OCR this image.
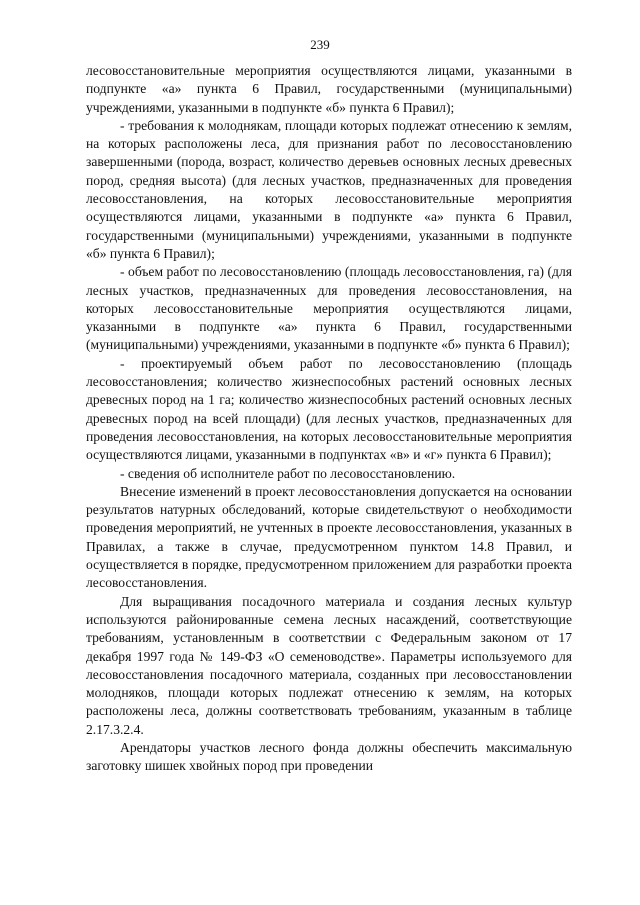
239

лесовосстановительные мероприятия осуществляются лицами, указанными в подпункте «а» пункта 6 Правил, государственными (муниципальными) учреждениями, указанными в подпункте «б» пункта 6 Правил);

- требования к молоднякам, площади которых подлежат отнесению к землям, на которых расположены леса, для признания работ по лесовосстановлению завершенными (порода, возраст, количество деревьев основных лесных древесных пород, средняя высота) (для лесных участков, предназначенных для проведения лесовосстановления, на которых лесовосстановительные мероприятия осуществляются лицами, указанными в подпункте «а» пункта 6 Правил, государственными (муниципальными) учреждениями, указанными в подпункте «б» пункта 6 Правил);

- объем работ по лесовосстановлению (площадь лесовосстановления, га) (для лесных участков, предназначенных для проведения лесовосстановления, на которых лесовосстановительные мероприятия осуществляются лицами, указанными в подпункте «а» пункта 6 Правил, государственными (муниципальными) учреждениями, указанными в подпункте «б» пункта 6 Правил);

- проектируемый объем работ по лесовосстановлению (площадь лесовосстановления; количество жизнеспособных растений основных лесных древесных пород на 1 га; количество жизнеспособных растений основных лесных древесных пород на всей площади) (для лесных участков, предназначенных для проведения лесовосстановления, на которых лесовосстановительные мероприятия осуществляются лицами, указанными в подпунктах «в» и «г» пункта 6 Правил);

- сведения об исполнителе работ по лесовосстановлению.

Внесение изменений в проект лесовосстановления допускается на основании результатов натурных обследований, которые свидетельствуют о необходимости проведения мероприятий, не учтенных в проекте лесовосстановления, указанных в Правилах, а также в случае, предусмотренном пунктом 14.8 Правил, и осуществляется в порядке, предусмотренном приложением для разработки проекта лесовосстановления.

Для выращивания посадочного материала и создания лесных культур используются районированные семена лесных насаждений, соответствующие требованиям, установленным в соответствии с Федеральным законом от 17 декабря 1997 года № 149-ФЗ «О семеноводстве». Параметры используемого для лесовосстановления посадочного материала, созданных при лесовосстановлении молодняков, площади которых подлежат отнесению к землям, на которых расположены леса, должны соответствовать требованиям, указанным в таблице 2.17.3.2.4.

Арендаторы участков лесного фонда должны обеспечить максимальную заготовку шишек хвойных пород при проведении
